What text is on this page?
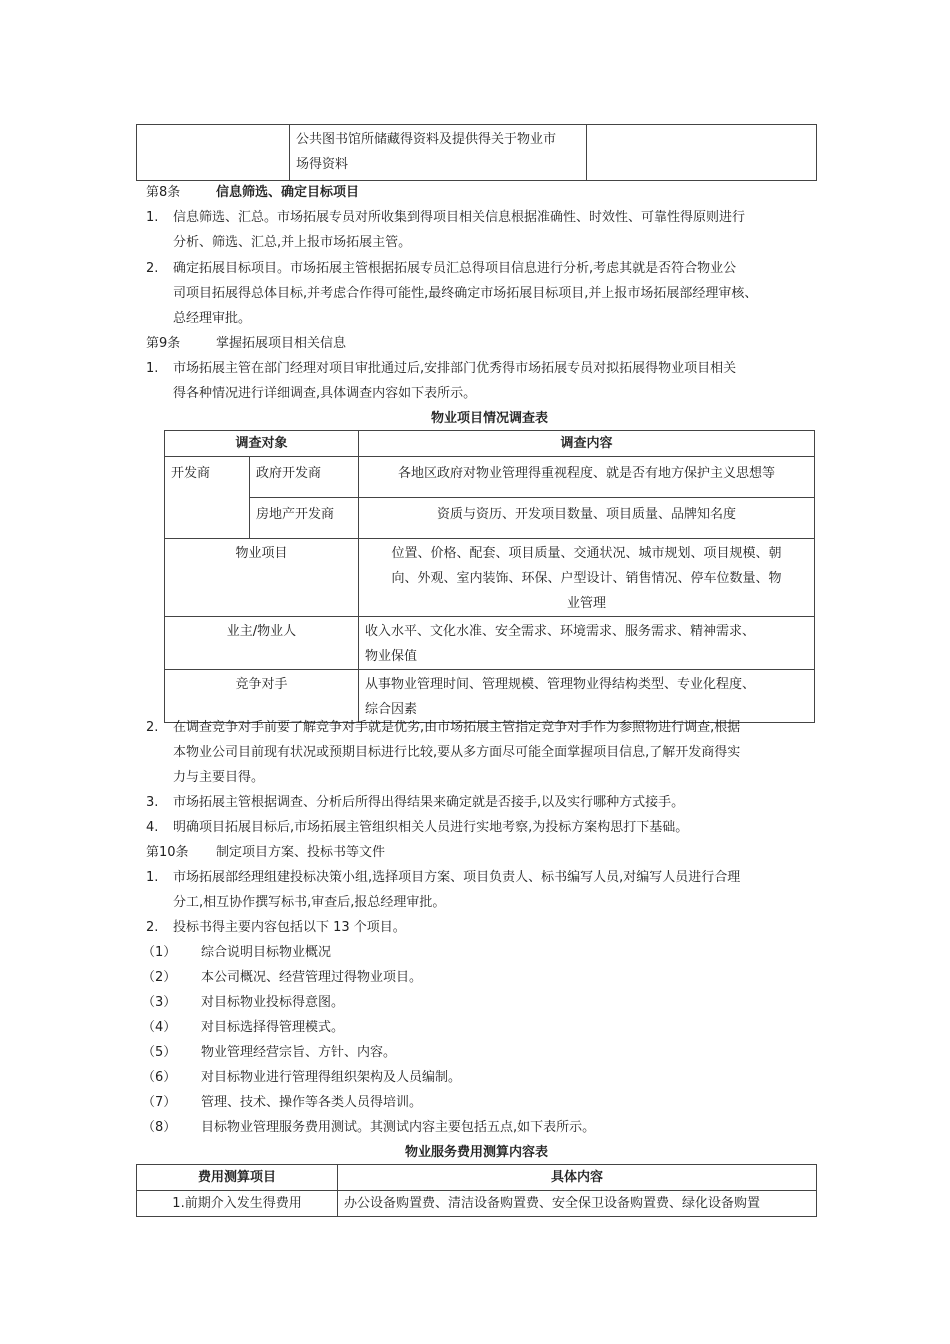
公共图书馆所储藏得资料及提供得关于物业市
场得资料

第8条	信息筛选、确定目标项目
1. 信息筛选、汇总。市场拓展专员对所收集到得项目相关信息根据准确性、时效性、可靠性得原则进行
分析、筛选、汇总,并上报市场拓展主管。
2. 确定拓展目标项目。市场拓展主管根据拓展专员汇总得项目信息进行分析,考虑其就是否符合物业公
司项目拓展得总体目标,并考虑合作得可能性,最终确定市场拓展目标项目,并上报市场拓展部经理审核、
总经理审批。
第9条	掌握拓展项目相关信息
1. 市场拓展主管在部门经理对项目审批通过后,安排部门优秀得市场拓展专员对拟拓展得物业项目相关
得各种情况进行详细调查,具体调查内容如下表所示。
物业项目情况调查表
调查对象		调查内容
开发商	政府开发商	各地区政府对物业管理得重视程度、就是否有地方保护主义思想等
	房地产开发商	资质与资历、开发项目数量、项目质量、品牌知名度
物业项目		位置、价格、配套、项目质量、交通状况、城市规划、项目规模、朝
向、外观、室内装饰、环保、户型设计、销售情况、停车位数量、物
业管理

业主/物业人		收入水平、文化水准、安全需求、环境需求、服务需求、精神需求、
物业保值

竞争对手		从事物业管理时间、管理规模、管理物业得结构类型、专业化程度、
综合因素
2. 在调查竞争对手前要了解竞争对手就是优劣,由市场拓展主管指定竞争对手作为参照物进行调查,根据
本物业公司目前现有状况或预期目标进行比较,要从多方面尽可能全面掌握项目信息,了解开发商得实
力与主要目得。
3. 市场拓展主管根据调查、分析后所得出得结果来确定就是否接手,以及实行哪种方式接手。
4. 明确项目拓展目标后,市场拓展主管组织相关人员进行实地考察,为投标方案构思打下基础。
第10条 制定项目方案、投标书等文件
1. 市场拓展部经理组建投标决策小组,选择项目方案、项目负责人、标书编写人员,对编写人员进行合理
分工,相互协作撰写标书,审查后,报总经理审批。
2. 投标书得主要内容包括以下 13 个项目。
（1） 综合说明目标物业概况
（2） 本公司概况、经营管理过得物业项目。
（3） 对目标物业投标得意图。
（4） 对目标选择得管理模式。
（5） 物业管理经营宗旨、方针、内容。
（6） 对目标物业进行管理得组织架构及人员编制。
（7） 管理、技术、操作等各类人员得培训。
（8） 目标物业管理服务费用测试。其测试内容主要包括五点,如下表所示。
物业服务费用测算内容表
费用测算项目	具体内容
1.前期介入发生得费用	办公设备购置费、清洁设备购置费、安全保卫设备购置费、绿化设备购置
